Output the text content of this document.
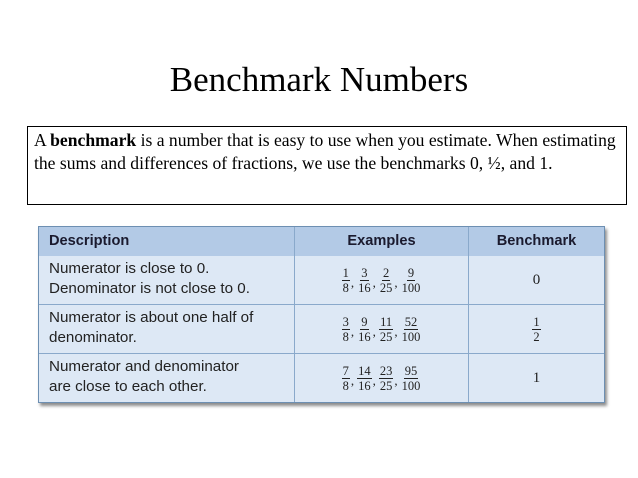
Benchmark Numbers
A benchmark is a number that is easy to use when you estimate. When estimating the sums and differences of fractions, we use the benchmarks 0, ½, and 1.
Description	Examples	Benchmark
Numerator is close to 0.
Denominator is not close to 0.	$\frac{1}{8}$ , $\frac{3}{16}$ , $\frac{2}{25}$ , $\frac{9}{100}$	0
Numerator is about one half of
denominator.	$\frac{3}{8}$ , $\frac{9}{16}$ , $\frac{11}{25}$ , $\frac{52}{100}$	$\frac{1}{2}$
Numerator and denominator
are close to each other.	$\frac{7}{8}$ , $\frac{14}{16}$ , $\frac{23}{25}$ , $\frac{95}{100}$	1
